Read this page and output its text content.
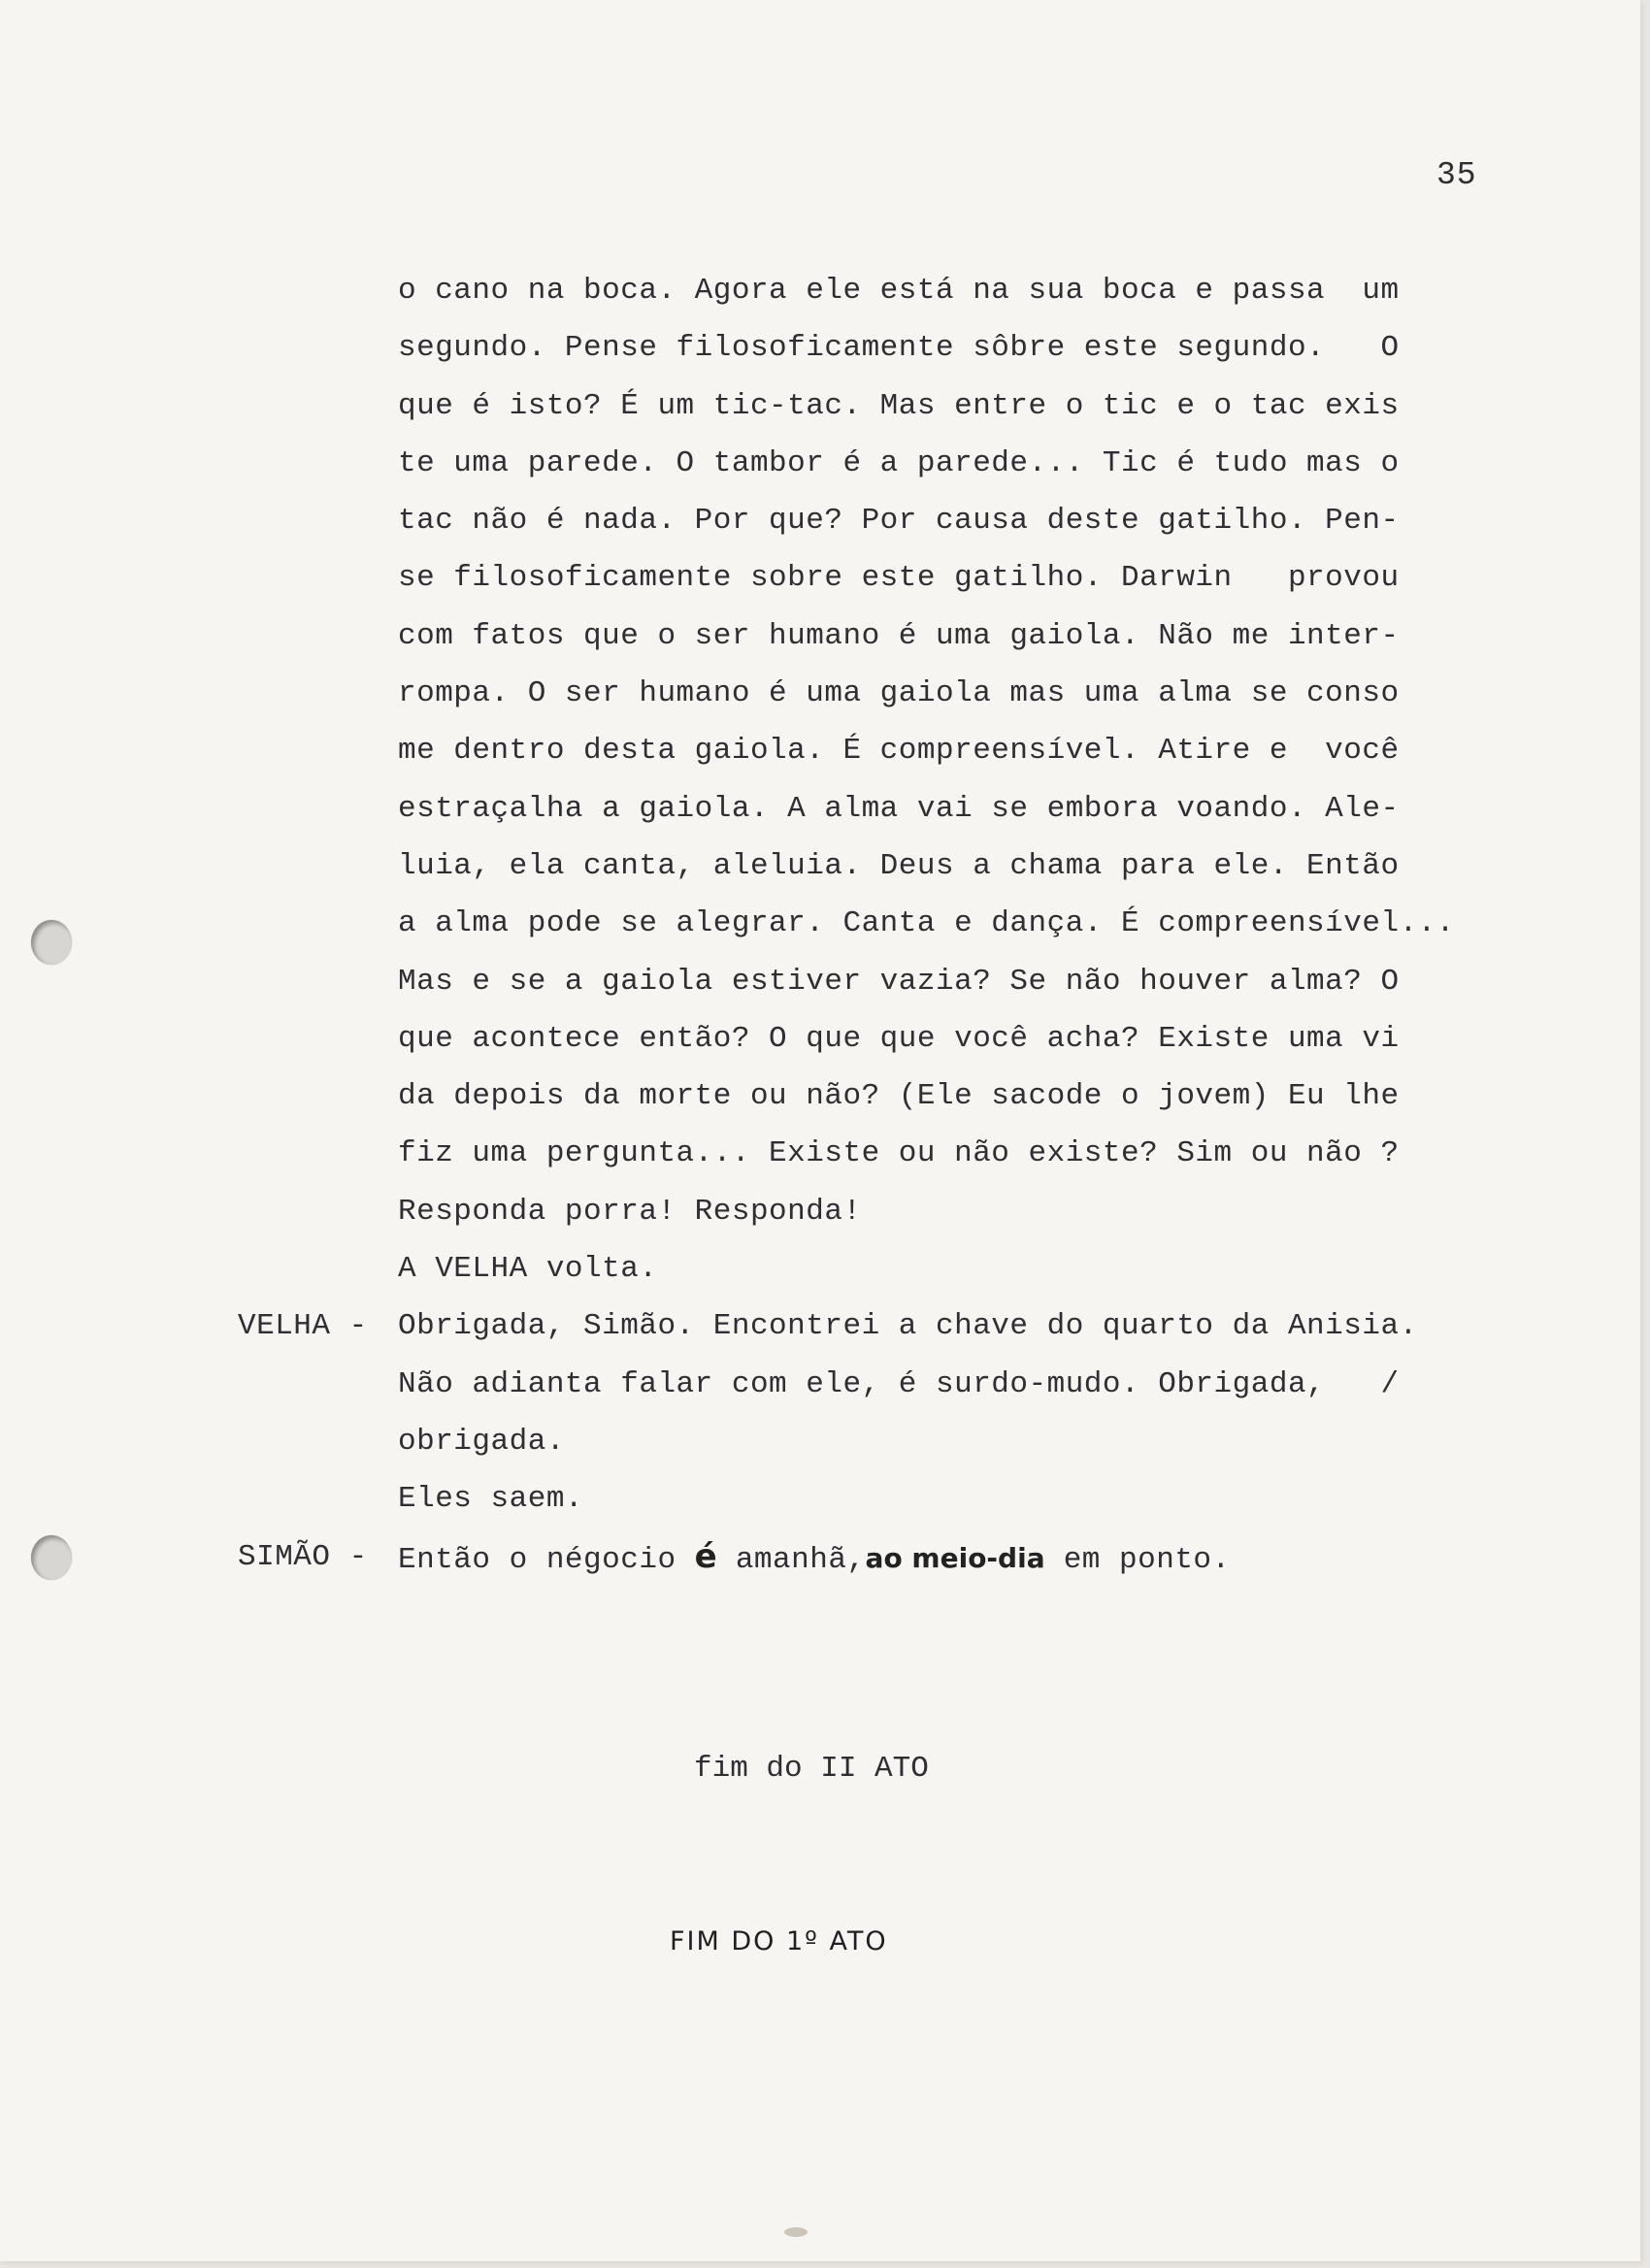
35
o cano na boca. Agora ele está na sua boca e passa  um
segundo. Pense filosoficamente sôbre este segundo.   O
que é isto? É um tic-tac. Mas entre o tic e o tac exis
te uma parede. O tambor é a parede... Tic é tudo mas o
tac não é nada. Por que? Por causa deste gatilho. Pen-
se filosoficamente sobre este gatilho. Darwin   provou
com fatos que o ser humano é uma gaiola. Não me inter-
rompa. O ser humano é uma gaiola mas uma alma se conso
me dentro desta gaiola. É compreensível. Atire e  você
estraçalha a gaiola. A alma vai se embora voando. Ale-
luia, ela canta, aleluia. Deus a chama para ele. Então
a alma pode se alegrar. Canta e dança. É compreensível...
Mas e se a gaiola estiver vazia? Se não houver alma? O
que acontece então? O que que você acha? Existe uma vi
da depois da morte ou não? (Ele sacode o jovem) Eu lhe
fiz uma pergunta... Existe ou não existe? Sim ou não ?
Responda porra! Responda!
A VELHA volta.
VELHA - Obrigada, Simão. Encontrei a chave do quarto da Anisia.
Não adianta falar com ele, é surdo-mudo. Obrigada,   /
obrigada.
Eles saem.
SIMÃO - Então o négocio é amanhã,ao meio-dia em ponto.
fim do II ATO
FIM DO 1º ATO
